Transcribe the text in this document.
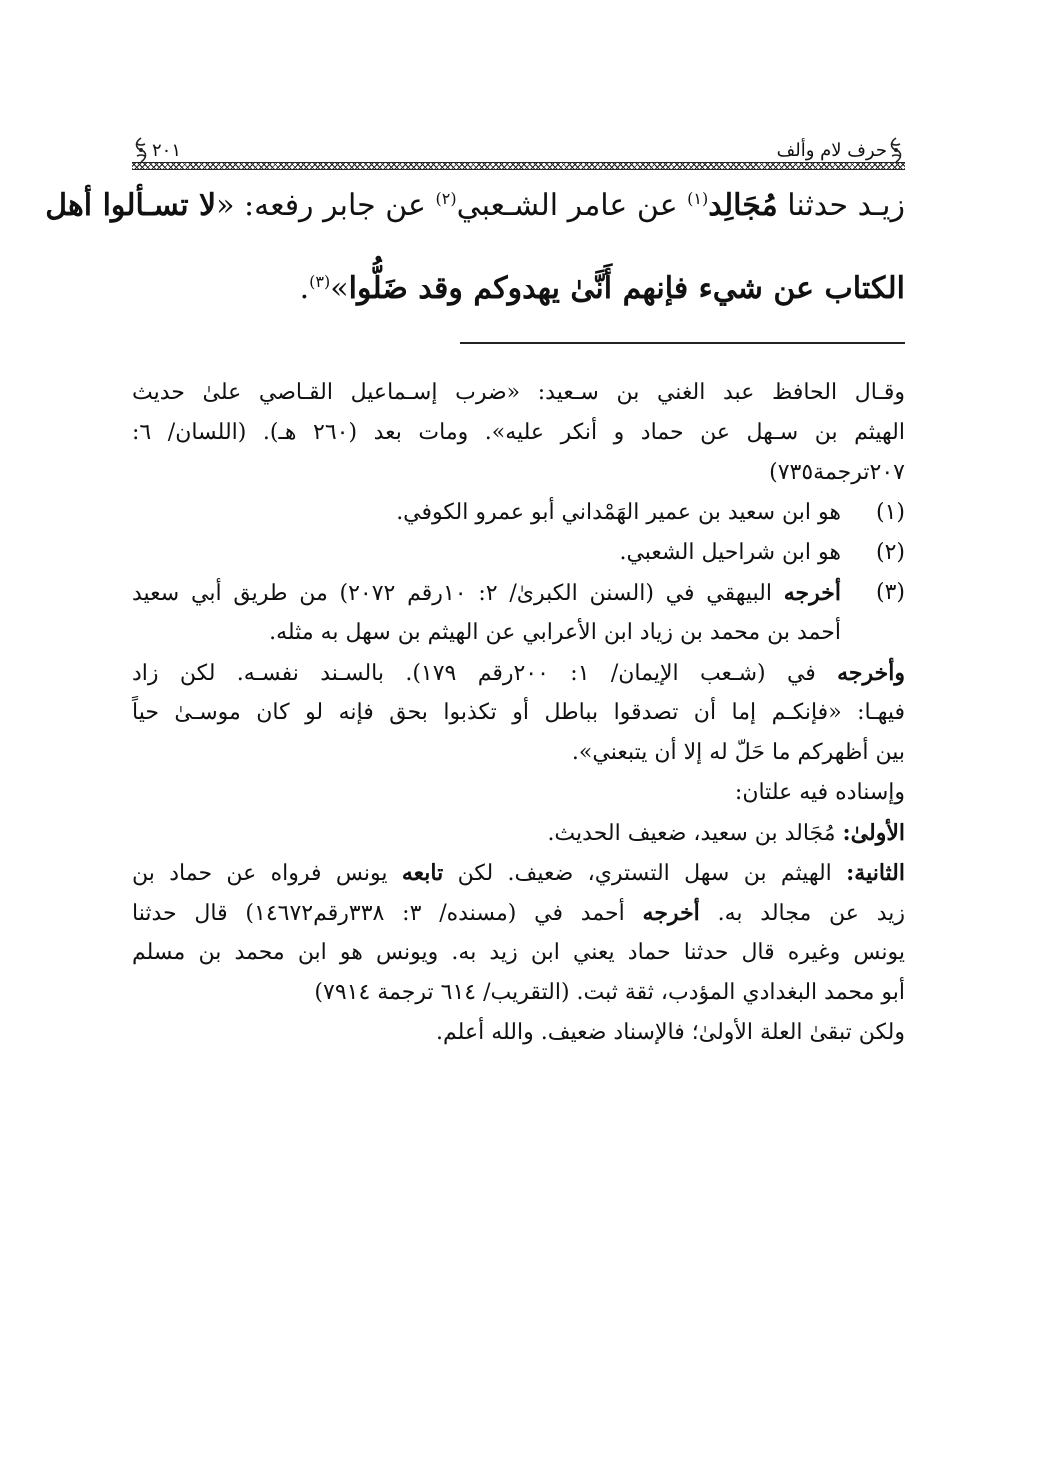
حرف لام وألف
٢٠١
زيـد حدثنا مُجَالِد$^{(١)}$ عن عامر الشـعبي$^{(٢)}$ عن جابر رفعه: «لا تسـألوا أهل
الكتاب عن شيء فإنهم أَنَّىٰ يهدوكم وقد ضَلُّوا»$^{(٣)}$.
وقـال الحافظ عبد الغني بن سـعيد: «ضرب إسـماعيل القـاصي علىٰ حديث
الهيثم بن سـهل عن حماد و أنكر عليه». ومات بعد (٢٦٠ هـ). (اللسان/ ٦:
٢٠٧ترجمة٧٣٥)
(١)
هو ابن سعيد بن عمير الهَمْداني أبو عمرو الكوفي.
(٢)
هو ابن شراحيل الشعبي.
(٣)
أخرجه البيهقي في (السنن الكبرىٰ/ ٢: ١٠رقم ٢٠٧٢) من طريق أبي سعيد
أحمد بن محمد بن زياد ابن الأعرابي عن الهيثم بن سهل به مثله.
وأخرجه في (شـعب الإيمان/ ١: ٢٠٠رقم ١٧٩). بالسـند نفسـه. لكن زاد
فيهـا: «فإنكـم إما أن تصدقوا بباطل أو تكذبوا بحق فإنه لو كان موسـىٰ حياً
بين أظهركم ما حَلّ له إلا أن يتبعني».
وإسناده فيه علتان:
الأولىٰ: مُجَالد بن سعيد، ضعيف الحديث.
الثانية: الهيثم بن سهل التستري، ضعيف. لكن تابعه يونس فرواه عن حماد بن
زيد عن مجالد به. أخرجه أحمد في (مسنده/ ٣: ٣٣٨رقم١٤٦٧٢) قال حدثنا
يونس وغيره قال حدثنا حماد يعني ابن زيد به. ويونس هو ابن محمد بن مسلم
أبو محمد البغدادي المؤدب، ثقة ثبت. (التقريب/ ٦١٤ ترجمة ٧٩١٤)
ولكن تبقىٰ العلة الأولىٰ؛ فالإسناد ضعيف. والله أعلم.
